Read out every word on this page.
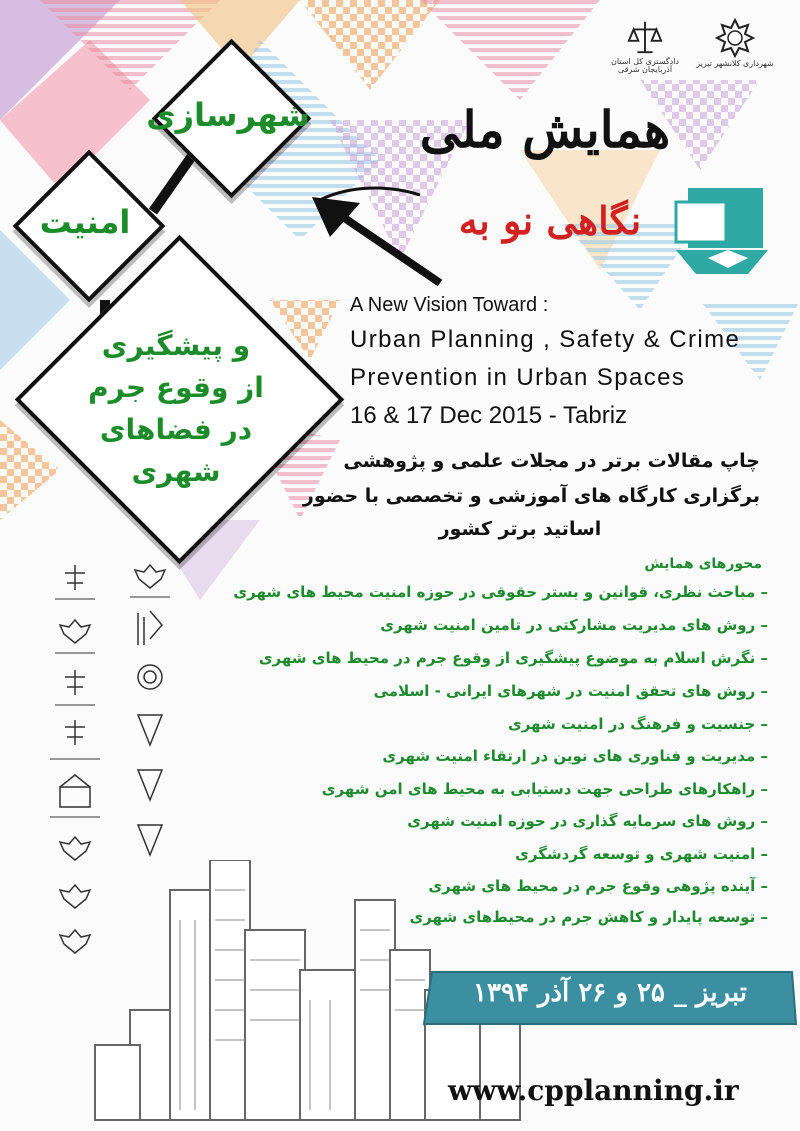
شهرسازی
امنیت
و پیشگیری
از وقوع جرم
در فضاهای
شهری
دادگستری کل استان آذربایجان شرقی
شهرداری کلانشهر تبریز
همایش ملی
نگاهی نو به
A New Vision Toward :
Urban Planning , Safety & Crime
Prevention in Urban Spaces
16 & 17 Dec 2015 - Tabriz
چاپ مقالات برتر در مجلات علمی و پژوهشی
برگزاری کارگاه های آموزشی و تخصصی با حضور
اساتید برتر کشور
محورهای همایش
– مباحث نظری، قوانین و بستر حقوقی در حوزه امنیت محیط های شهری
– روش های مدیریت مشارکتی در تامین امنیت شهری
– نگرش اسلام به موضوع پیشگیری از وقوع جرم در محیط های شهری
– روش های تحقق امنیت در شهرهای ایرانی - اسلامی
– جنسیت و فرهنگ در امنیت شهری
– مدیریت و فناوری های نوین در ارتقاء امنیت شهری
– راهکارهای طراحی جهت دستیابی به محیط های امن شهری
– روش های سرمایه گذاری در حوزه امنیت شهری
– امنیت شهری و توسعه گردشگری
– آینده پژوهی وقوع جرم در محیط های شهری
– توسعه پایدار و کاهش جرم در محیط‌های شهری
تبریز _ ۲۵ و ۲۶ آذر ۱۳۹۴
www.cpplanning.ir
